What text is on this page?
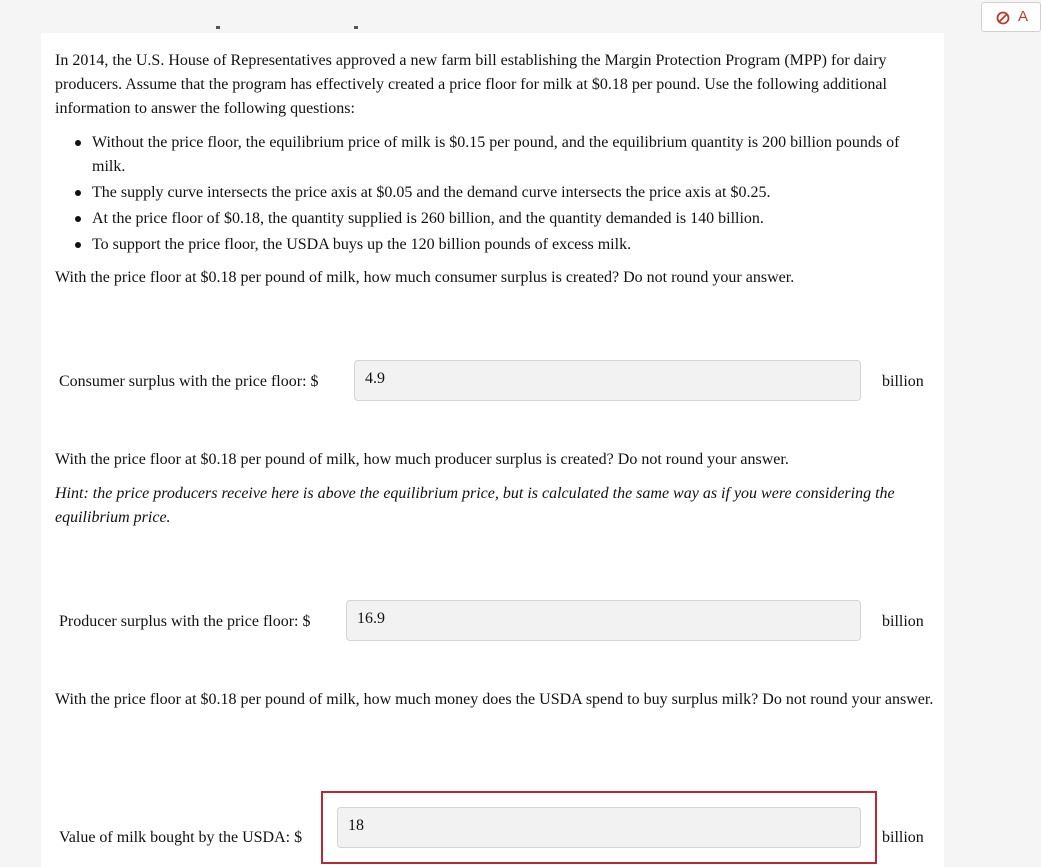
A

In 2014, the U.S. House of Representatives approved a new farm bill establishing the Margin Protection Program (MPP) for dairy producers. Assume that the program has effectively created a price floor for milk at $0.18 per pound. Use the following additional information to answer the following questions:

Without the price floor, the equilibrium price of milk is $0.15 per pound, and the equilibrium quantity is 200 billion pounds of milk.
The supply curve intersects the price axis at $0.05 and the demand curve intersects the price axis at $0.25.
At the price floor of $0.18, the quantity supplied is 260 billion, and the quantity demanded is 140 billion.
To support the price floor, the USDA buys up the 120 billion pounds of excess milk.

With the price floor at $0.18 per pound of milk, how much consumer surplus is created? Do not round your answer.

Consumer surplus with the price floor: $	4.9	billion

With the price floor at $0.18 per pound of milk, how much producer surplus is created? Do not round your answer.

Hint: the price producers receive here is above the equilibrium price, but is calculated the same way as if you were considering the equilibrium price.

Producer surplus with the price floor: $	16.9	billion

With the price floor at $0.18 per pound of milk, how much money does the USDA spend to buy surplus milk? Do not round your answer.

Value of milk bought by the USDA: $
18
billion
